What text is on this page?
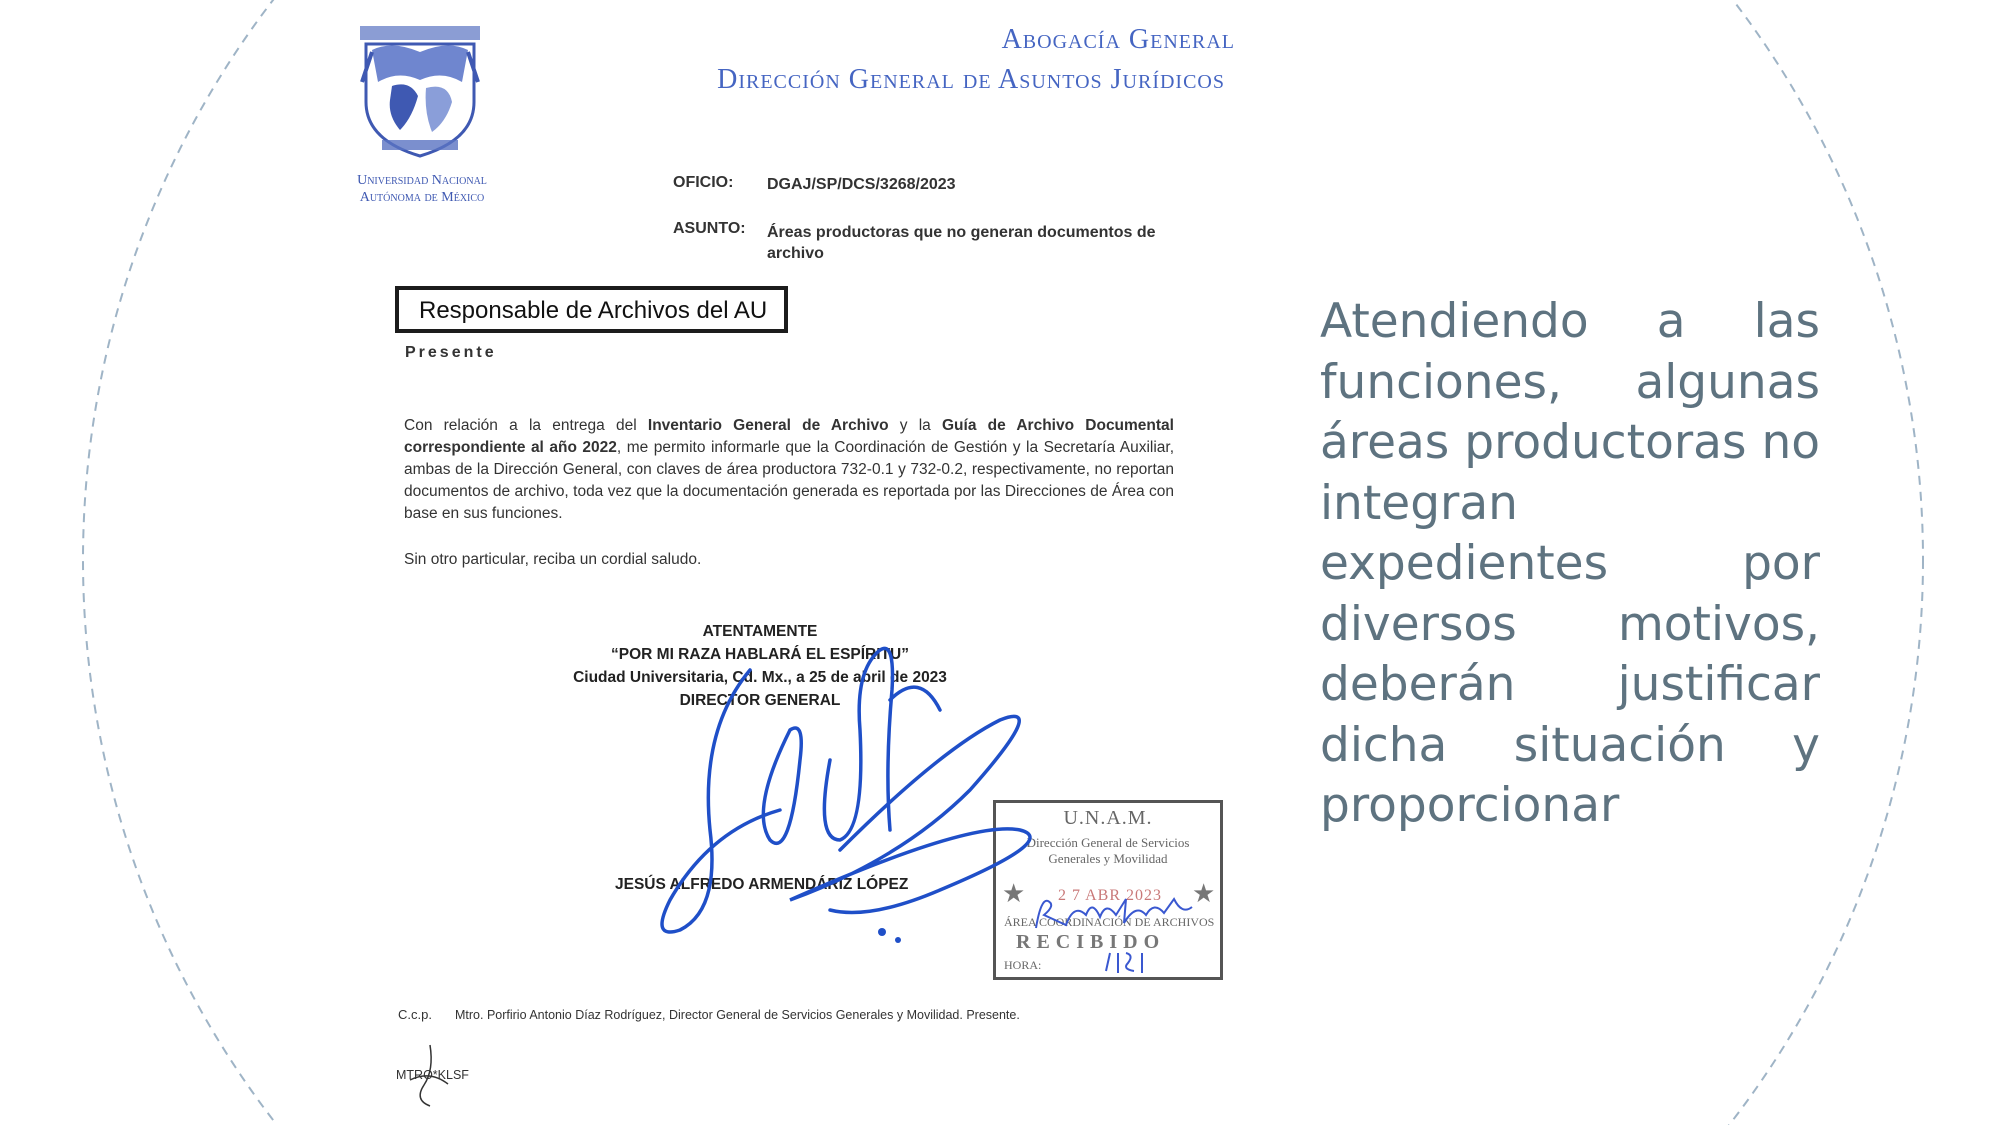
Universidad Nacional
Autónoma de México
Abogacía General
Dirección General de Asuntos Jurídicos
OFICIO: DGAJ/SP/DCS/3268/2023
ASUNTO: Áreas productoras que no generan documentos de archivo
Responsable de Archivos del AU
Presente
Con relación a la entrega del Inventario General de Archivo y la Guía de Archivo Documental correspondiente al año 2022, me permito informarle que la Coordinación de Gestión y la Secretaría Auxiliar, ambas de la Dirección General, con claves de área productora 732-0.1 y 732-0.2, respectivamente, no reportan documentos de archivo, toda vez que la documentación generada es reportada por las Direcciones de Área con base en sus funciones.
Sin otro particular, reciba un cordial saludo.
ATENTAMENTE
“POR MI RAZA HABLARÁ EL ESPÍRITU”
Ciudad Universitaria, Cd. Mx., a 25 de abril de 2023
DIRECTOR GENERAL
U.N.A.M.
Dirección General de Servicios
Generales y Movilidad
★	★
2 7 ABR 2023
ÁREA COORDINACIÓN DE ARCHIVOS
RECIBIDO
HORA:
JESÚS ALFREDO ARMENDÁRIZ LÓPEZ
C.c.p. Mtro. Porfirio Antonio Díaz Rodríguez, Director General de Servicios Generales y Movilidad. Presente.
MTRO*KLSF
Atendiendo a las funciones, algunas áreas productoras no integran expedientes por diversos motivos, deberán justificar dicha situación y proporcionar
